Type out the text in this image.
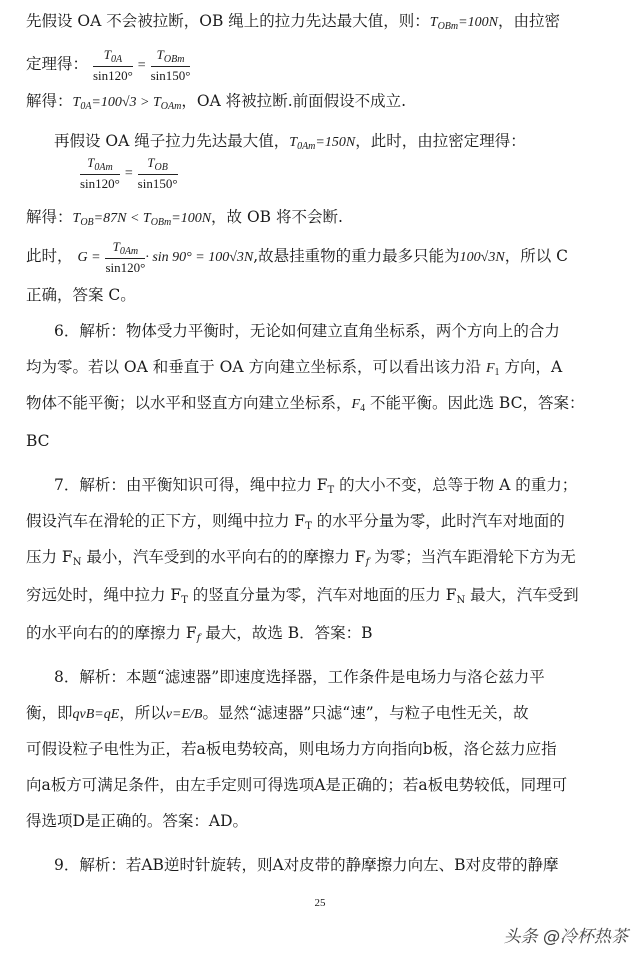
先假设 OA 不会被拉断，OB 绳上的拉力先达最大值，则：$T_{OBm}=100N$，由拉密
定理得： $\frac{T_{0A}}{\sin 120^\circ} = \frac{T_{OBm}}{\sin 150^\circ}$
解得：$T_{0A}=100√3 > T_{OAm}$，OA 将被拉断.前面假设不成立.
再假设 OA 绳子拉力先达最大值，$T_{0Am}=150N$，此时，由拉密定理得：
$\frac{T_{0Am}}{\sin 120^\circ} = \frac{T_{OB}}{\sin 150^\circ}$
解得：$T_{OB}=87N < T_{OBm}=100N$，故 OB 将不会断.
此时， $G = \frac{T_{0Am}}{\sin 120^\circ} \cdot \sin 90^\circ = 100√3N$,故悬挂重物的重力最多只能为100√3N，所以 C
正确，答案 C。
6．解析：物体受力平衡时，无论如何建立直角坐标系，两个方向上的合力
均为零。若以 OA 和垂直于 OA 方向建立坐标系，可以看出该力沿 $F_1$ 方向，A
物体不能平衡；以水平和竖直方向建立坐标系，$F_4$ 不能平衡。因此选 BC，答案：
BC
7．解析：由平衡知识可得，绳中拉力 $F_T$ 的大小不变，总等于物 A 的重力；
假设汽车在滑轮的正下方，则绳中拉力 $F_T$ 的水平分量为零，此时汽车对地面的
压力 $F_N$ 最小，汽车受到的水平向右的的摩擦力 $F_f$ 为零；当汽车距滑轮下方为无
穷远处时，绳中拉力 $F_T$ 的竖直分量为零，汽车对地面的压力 $F_N$ 最大，汽车受到
的水平向右的的摩擦力 $F_f$ 最大，故选 B．答案：B
8．解析：本题“滤速器”即速度选择器，工作条件是电场力与洛仑兹力平
衡，即qvB=qE，所以v=E/B。显然“滤速器”只滤“速”，与粒子电性无关，故
可假设粒子电性为正，若a板电势较高，则电场力方向指向b板，洛仑兹力应指
向a板方可满足条件，由左手定则可得选项A是正确的；若a板电势较低，同理可
得选项D是正确的。答案：AD。
9．解析：若AB逆时针旋转，则A对皮带的静摩擦力向左、B对皮带的静摩
25
头条 @冷杯热茶
